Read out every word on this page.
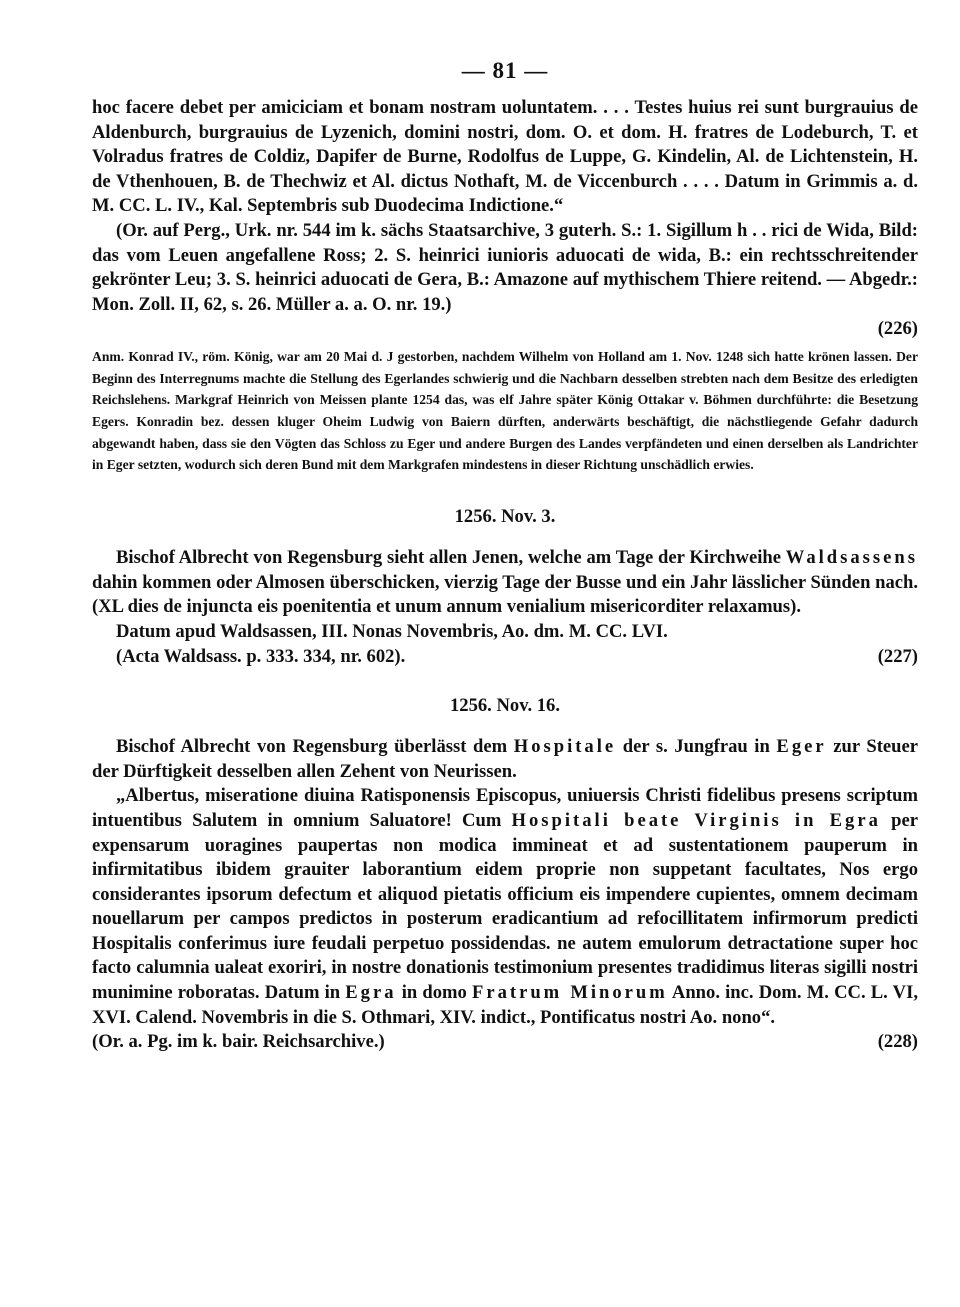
— 81 —

hoc facere debet per amiciciam et bonam nostram uoluntatem. . . . Testes huius rei sunt burgrauius de Aldenburch, burgrauius de Lyzenich, domini nostri, dom. O. et dom. H. fratres de Lodeburch, T. et Volradus fratres de Coldiz, Dapifer de Burne, Rodolfus de Luppe, G. Kindelin, Al. de Lichtenstein, H. de Vthenhouen, B. de Thechwiz et Al. dictus Nothaft, M. de Viccenburch . . . . Datum in Grimmis a. d. M. CC. L. IV., Kal. Septembris sub Duodecima Indictione.“

(Or. auf Perg., Urk. nr. 544 im k. sächs Staatsarchive, 3 guterh. S.: 1. Sigillum h . . rici de Wida, Bild: das vom Leuen angefallene Ross; 2. S. heinrici iunioris aduocati de wida, B.: ein rechtsschreitender gekrönter Leu; 3. S. heinrici aduocati de Gera, B.: Amazone auf mythischem Thiere reitend. — Abgedr.: Mon. Zoll. II, 62, s. 26. Müller a. a. O. nr. 19.)

(226)

Anm. Konrad IV., röm. König, war am 20 Mai d. J gestorben, nachdem Wilhelm von Holland am 1. Nov. 1248 sich hatte krönen lassen. Der Beginn des Interregnums machte die Stellung des Egerlandes schwierig und die Nachbarn desselben strebten nach dem Besitze des erledigten Reichslehens. Markgraf Heinrich von Meissen plante 1254 das, was elf Jahre später König Ottakar v. Böhmen durchführte: die Besetzung Egers. Konradin bez. dessen kluger Oheim Ludwig von Baiern dürften, anderwärts beschäftigt, die nächstliegende Gefahr dadurch abgewandt haben, dass sie den Vögten das Schloss zu Eger und andere Burgen des Landes verpfändeten und einen derselben als Landrichter in Eger setzten, wodurch sich deren Bund mit dem Markgrafen mindestens in dieser Richtung unschädlich erwies.

1256. Nov. 3.

Bischof Albrecht von Regensburg sieht allen Jenen, welche am Tage der Kirchweihe Waldsassens dahin kommen oder Almosen überschicken, vierzig Tage der Busse und ein Jahr lässlicher Sünden nach. (XL dies de injuncta eis poenitentia et unum annum venialium misericorditer relaxamus).

Datum apud Waldsassen, III. Nonas Novembris, Ao. dm. M. CC. LVI.

(Acta Waldsass. p. 333. 334, nr. 602).	(227)
1256. Nov. 16.

Bischof Albrecht von Regensburg überlässt dem Hospitale der s. Jungfrau in Eger zur Steuer der Dürftigkeit desselben allen Zehent von Neurissen.

„Albertus, miseratione diuina Ratisponensis Episcopus, uniuersis Christi fidelibus presens scriptum intuentibus Salutem in omnium Saluatore! Cum Hospitali beate Virginis in Egra per expensarum uoragines paupertas non modica immineat et ad sustentationem pauperum in infirmitatibus ibidem grauiter laborantium eidem proprie non suppetant facultates, Nos ergo considerantes ipsorum defectum et aliquod pietatis officium eis impendere cupientes, omnem decimam nouellarum per campos predictos in posterum eradicantium ad refocillitatem infirmorum predicti Hospitalis conferimus iure feudali perpetuo possidendas. ne autem emulorum detractatione super hoc facto calumnia ualeat exoriri, in nostre donationis testimonium presentes tradidimus literas sigilli nostri munimine roboratas. Datum in Egra in domo Fratrum Minorum Anno. inc. Dom. M. CC. L. VI, XVI. Calend. Novembris in die S. Othmari, XIV. indict., Pontificatus nostri Ao. nono“.

(Or. a. Pg. im k. bair. Reichsarchive.)	(228)
